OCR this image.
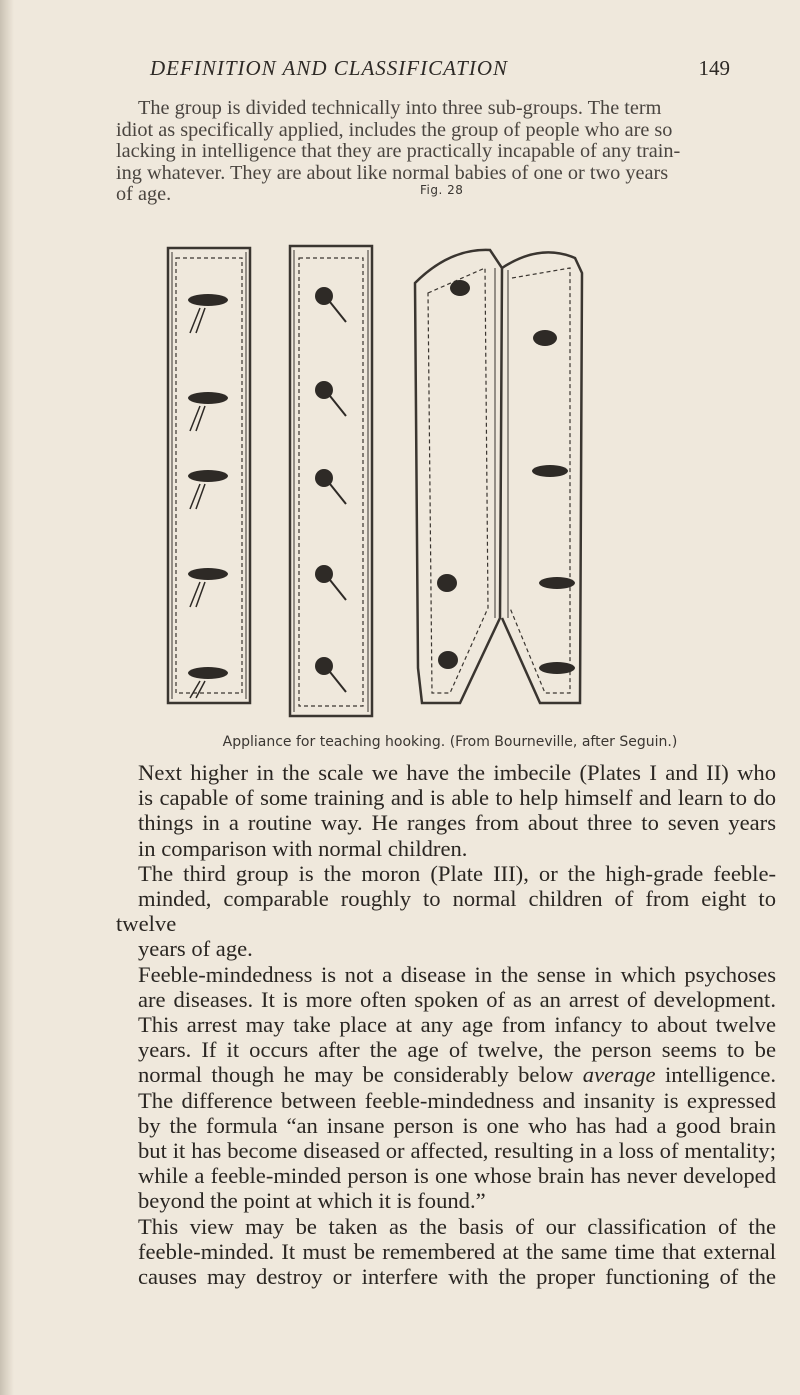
DEFINITION AND CLASSIFICATION	149
The group is divided technically into three sub-groups. The term
idiot as specifically applied, includes the group of people who are so
lacking in intelligence that they are practically incapable of any train-
ing whatever. They are about like normal babies of one or two years
of age.	Fig. 28
Appliance for teaching hooking. (From Bourneville, after Seguin.)

Next higher in the scale we have the imbecile (Plates I and II) who
is capable of some training and is able to help himself and learn to do
things in a routine way. He ranges from about three to seven years
in comparison with normal children.

The third group is the moron (Plate III), or the high-grade feeble-
minded, comparable roughly to normal children of from eight to twelve
years of age.

Feeble-mindedness is not a disease in the sense in which psychoses
are diseases. It is more often spoken of as an arrest of development.
This arrest may take place at any age from infancy to about twelve
years. If it occurs after the age of twelve, the person seems to be
normal though he may be considerably below average intelligence.
The difference between feeble-mindedness and insanity is expressed
by the formula “an insane person is one who has had a good brain
but it has become diseased or affected, resulting in a loss of mentality;
while a feeble-minded person is one whose brain has never developed
beyond the point at which it is found.”

This view may be taken as the basis of our classification of the
feeble-minded. It must be remembered at the same time that external
causes may destroy or interfere with the proper functioning of the
